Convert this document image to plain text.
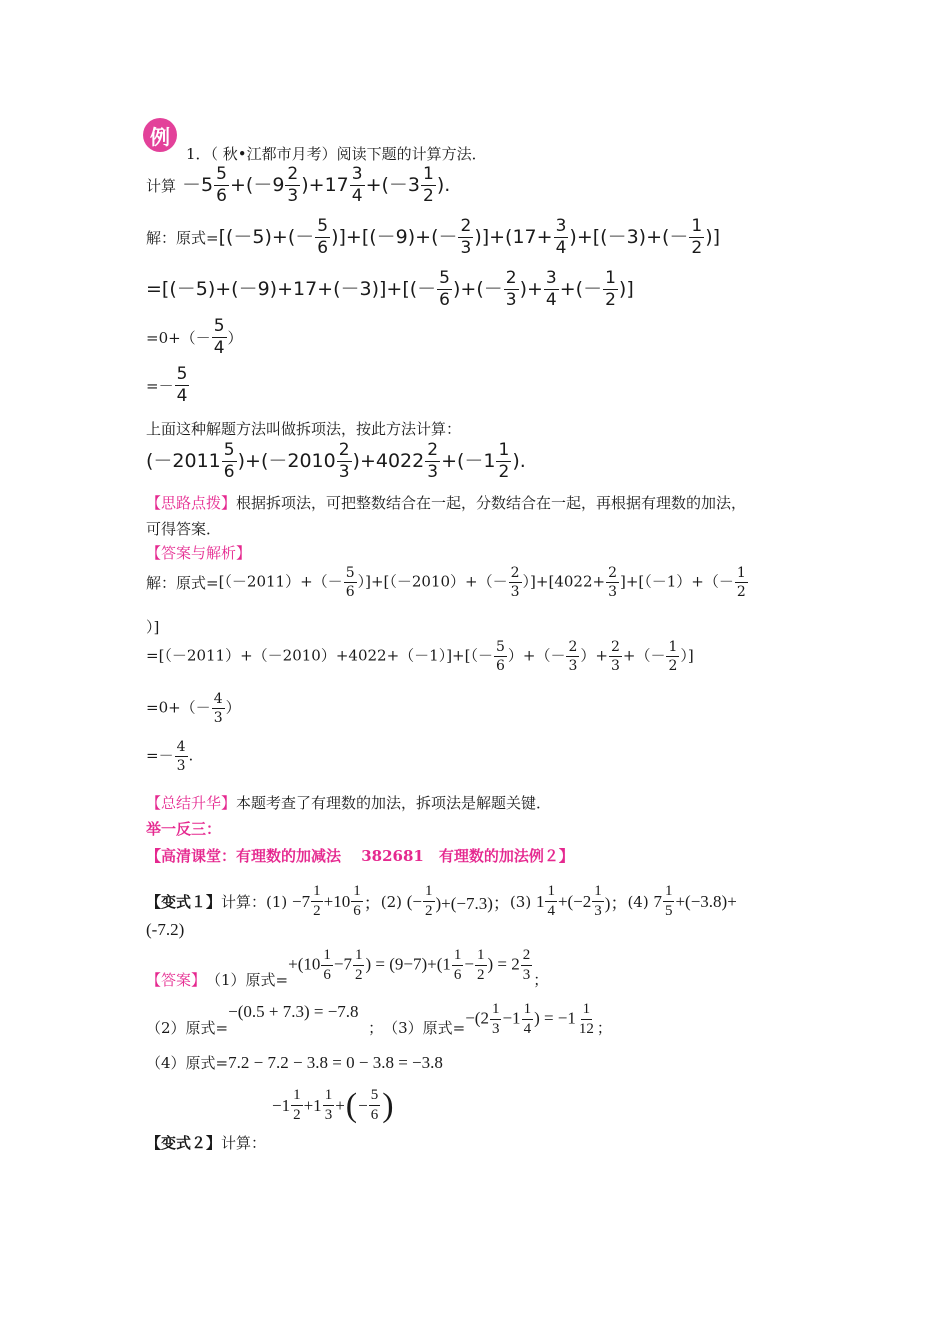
例
1．（ 秋•江都市月考）阅读下题的计算方法．
计算 $-5 \frac{5}{6} +(-9 \frac{2}{3} )+17 \frac{3}{4} +(-3 \frac{1}{2}$ ).
解：原式= $[(-5)+(- \frac{5}{6} )]+[(-9)+(- \frac{2}{3} )]+(17+ \frac{3}{4} )+[(-3)+(- \frac{1}{2}$ )]
$=[(-5)+(-9)+17+(-3)]+[(- \frac{5}{6}$ )+(－ $\frac{2}{3}$ )+ $\frac{3}{4}$ +(－ $\frac{1}{2}$ )]
$=0+(- \frac{5}{4}$ ）
=－ $\frac{5}{4}$
上面这种解题方法叫做拆项法，按此方法计算：
$(-2011 \frac{5}{6} )+(-2010 \frac{2}{3} )+4022 \frac{2}{3} +(-1 \frac{1}{2}$ ).
【思路点拨】 根据拆项法，可把整数结合在一起，分数结合在一起，再根据有理数的加法，
可得答案．
【答案与解析】
解：原式= $[(-2011)+(- \frac{5}{6} )]+[(-2010)+(- \frac{2}{3} )]+[4022+ \frac{2}{3} ]+[(-1)+(- \frac{1}{2}$
）]
$=[(-2011)+(-2010)+4022+(-1)]+[(- \frac{5}{6}$ ）+（－ $\frac{2}{3}$ ）+ $\frac{2}{3}$ +（－ $\frac{1}{2}$ ）]
$=0+(- \frac{4}{3}$ ）
=－ $\frac{4}{3}$ .
【总结升华】 本题考查了有理数的加法，拆项法是解题关键．
举一反三：
【高清课堂：有理数的加减法　 382681　有理数的加法例２】
【变式１】 计算： $(1) -7 \frac{1}{2} +10 \frac{1}{6}$ ； (2) (− $\frac{1}{2} )+(-7.3)$； (3) $1 \frac{1}{4} +(-2 \frac{1}{3}$ )； (4) $7 \frac{1}{5} +(-3.8)+$
(-7.2)
【答案】 （1）原式=
$+(10 \frac{1}{6} -7 \frac{1}{2}$ ) = $(9-7)+(1 \frac{1}{6} - \frac{1}{2}$ ) = $2 \frac{2}{3}$ ；
（2）原式=
−(0.5 + 7.3) = −7.8
； （3）原式=
$-(2 \frac{1}{3} -1 \frac{1}{4}$ ) = $-1 \frac{1}{12}$ ；
（4）原式= 7.2 − 7.2 − 3.8 = 0 − 3.8 = −3.8
$-1 \frac{1}{2} +1 \frac{1}{3}$ + ( − $\frac{5}{6}$ )
【变式２】 计算：
